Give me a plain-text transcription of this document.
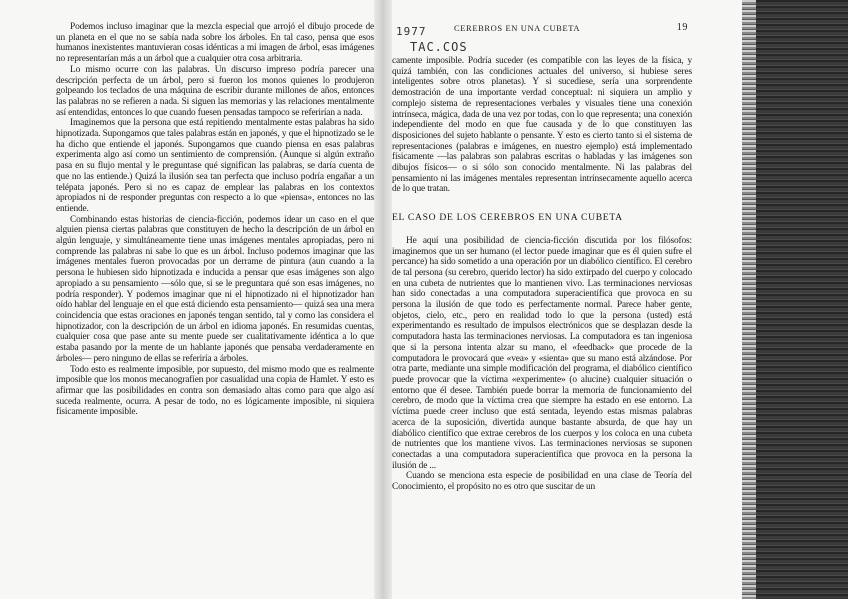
Podemos incluso imaginar que la mezcla especial que arrojó el dibujo procede de un planeta en el que no se sabía nada sobre los árboles. En tal caso, pensa que esos humanos inexistentes mantuvieran cosas idénticas a mi imagen de árbol, esas imágenes no representarían más a un árbol que a cualquier otra cosa arbitraria.

Lo mismo ocurre con las palabras. Un discurso impreso podría parecer una descripción perfecta de un árbol, pero si fueron los monos quienes lo produjeron golpeando los teclados de una máquina de escribir durante millones de años, entonces las palabras no se refieren a nada. Si siguen las memorias y las relaciones mentalmente así entendidas, entonces lo que cuando fuesen pensadas tampoco se referirían a nada.

Imaginemos que la persona que está repitiendo mentalmente estas palabras ha sido hipnotizada. Supongamos que tales palabras están en japonés, y que el hipnotizado se le ha dicho que entiende el japonés. Supongamos que cuando piensa en esas palabras experimenta algo así como un sentimiento de comprensión. (Aunque si algún extraño pasa en su flujo mental y le preguntase qué significan las palabras, se daría cuenta de que no las entiende.) Quizá la ilusión sea tan perfecta que incluso podría engañar a un telépata japonés. Pero si no es capaz de emplear las palabras en los contextos apropiados ni de responder preguntas con respecto a lo que «piensa», entonces no las entiende.

Combinando estas historias de ciencia-ficción, podemos idear un caso en el que alguien piensa ciertas palabras que constituyen de hecho la descripción de un árbol en algún lenguaje, y simultáneamente tiene unas imágenes mentales apropiadas, pero ni comprende las palabras ni sabe lo que es un árbol. Incluso podemos imaginar que las imágenes mentales fueron provocadas por un derrame de pintura (aun cuando a la persona le hubiesen sido hipnotizada e inducida a pensar que esas imágenes son algo apropiado a su pensamiento —sólo que, si se le preguntara qué son esas imágenes, no podría responder). Y podemos imaginar que ni el hipnotizado ni el hipnotizador han oído hablar del lenguaje en el que está diciendo esta pensamiento— quizá sea una mera coincidencia que estas oraciones en japonés tengan sentido, tal y como las considera el hipnotizador, con la descripción de un árbol en idioma japonés. En resumidas cuentas, cualquier cosa que pase ante su mente puede ser cualitativamente idéntica a lo que estaba pasando por la mente de un hablante japonés que pensaba verdaderamente en árboles— pero ninguno de ellas se referiría a árboles.

Todo esto es realmente imposible, por supuesto, del mismo modo que es realmente imposible que los monos mecanografíen por casualidad una copia de Hamlet. Y esto es afirmar que las posibilidades en contra son demasiado altas como para que algo así suceda realmente, ocurra. A pesar de todo, no es lógicamente imposible, ni siquiera físicamente imposible.

CEREBROS EN UNA CUBETA	19
1977
TAC.COS

camente imposible. Podría suceder (es compatible con las leyes de la física, y quizá también, con las condiciones actuales del universo, si hubiese seres inteligentes sobre otros planetas). Y si sucediese, sería una sorprendente demostración de una importante verdad conceptual: ni siquiera un amplio y complejo sistema de representaciones verbales y visuales tiene una conexión intrínseca, mágica, dada de una vez por todas, con lo que representa; una conexión independiente del modo en que fue causada y de lo que constituyen las disposiciones del sujeto hablante o pensante. Y esto es cierto tanto si el sistema de representaciones (palabras e imágenes, en nuestro ejemplo) está implementado físicamente —las palabras son palabras escritas o habladas y las imágenes son dibujos físicos— o si sólo son conocido mentalmente. Ni las palabras del pensamiento ni las imágenes mentales representan intrínsecamente aquello acerca de lo que tratan.

EL CASO DE LOS CEREBROS EN UNA CUBETA

He aquí una posibilidad de ciencia-ficción discutida por los filósofos: imaginemos que un ser humano (el lector puede imaginar que es él quien sufre el percance) ha sido sometido a una operación por un diabólico científico. El cerebro de tal persona (su cerebro, querido lector) ha sido extirpado del cuerpo y colocado en una cubeta de nutrientes que lo mantienen vivo. Las terminaciones nerviosas han sido conectadas a una computadora superacientífica que provoca en su persona la ilusión de que todo es perfectamente normal. Parece haber gente, objetos, cielo, etc., pero en realidad todo lo que la persona (usted) está experimentando es resultado de impulsos electrónicos que se desplazan desde la computadora hasta las terminaciones nerviosas. La computadora es tan ingeniosa que si la persona intenta alzar su mano, el «feedback» que procede de la computadora le provocará que «vea» y «sienta» que su mano está alzándose. Por otra parte, mediante una simple modificación del programa, el diabólico científico puede provocar que la víctima «experimente» (o alucine) cualquier situación o entorno que él desee. También puede borrar la memoria de funcionamiento del cerebro, de modo que la víctima crea que siempre ha estado en ese entorno. La víctima puede creer incluso que está sentada, leyendo estas mismas palabras acerca de la suposición, divertida aunque bastante absurda, de que hay un diabólico científico que extrae cerebros de los cuerpos y los coloca en una cubeta de nutrientes que los mantiene vivos. Las terminaciones nerviosas se suponen conectadas a una computadora superacientífica que provoca en la persona la ilusión de ...

Cuando se menciona esta especie de posibilidad en una clase de Teoría del Conocimiento, el propósito no es otro que suscitar de un
